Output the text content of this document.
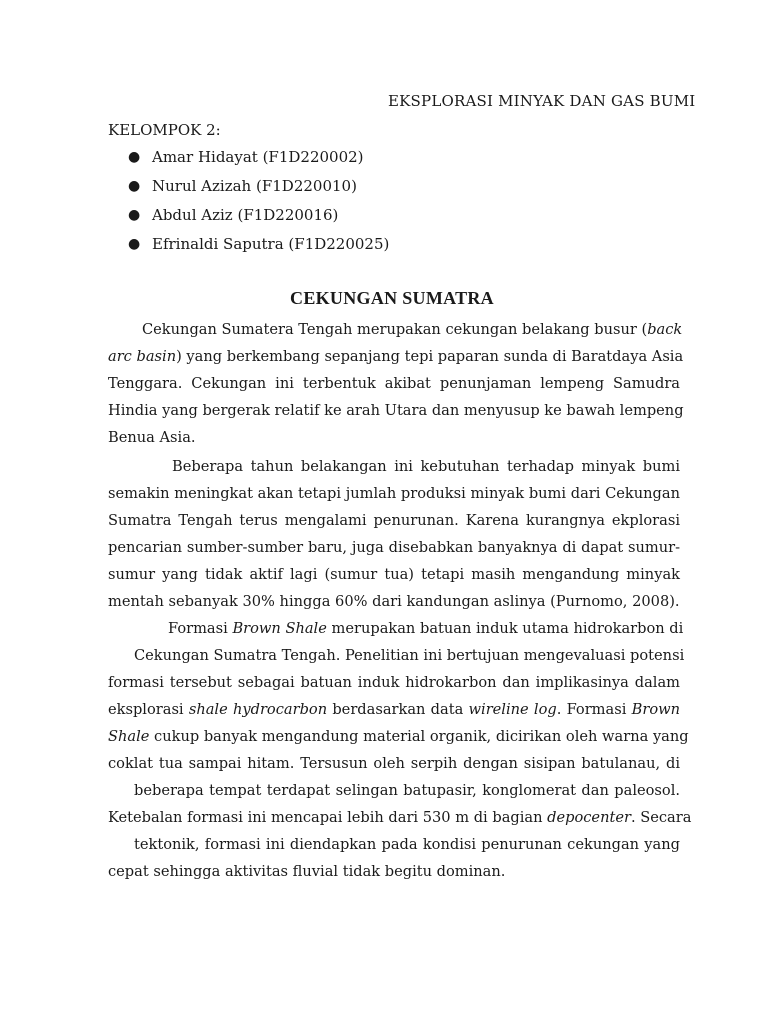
EKSPLORASI MINYAK DAN GAS BUMI
KELOMPOK 2:
● Amar Hidayat (F1D220002)
● Nurul Azizah (F1D220010)
● Abdul Aziz (F1D220016)
● Efrinaldi Saputra (F1D220025)
CEKUNGAN SUMATRA
Cekungan Sumatera Tengah merupakan cekungan belakang busur (back
arc basin) yang berkembang sepanjang tepi paparan sunda di Baratdaya Asia
Tenggara. Cekungan ini terbentuk akibat penunjaman lempeng Samudra
Hindia yang bergerak relatif ke arah Utara dan menyusup ke bawah lempeng
Benua Asia.
Beberapa tahun belakangan ini kebutuhan terhadap minyak bumi
semakin meningkat akan tetapi jumlah produksi minyak bumi dari Cekungan
Sumatra Tengah terus mengalami penurunan. Karena kurangnya ekplorasi
pencarian sumber-sumber baru, juga disebabkan banyaknya di dapat sumur-
sumur yang tidak aktif lagi (sumur tua) tetapi masih mengandung minyak
mentah sebanyak 30% hingga 60% dari kandungan aslinya (Purnomo, 2008).
Formasi Brown Shale merupakan batuan induk utama hidrokarbon di
Cekungan Sumatra Tengah. Penelitian ini bertujuan mengevaluasi potensi
formasi tersebut sebagai batuan induk hidrokarbon dan implikasinya dalam
eksplorasi shale hydrocarbon berdasarkan data wireline log. Formasi Brown
Shale cukup banyak mengandung material organik, dicirikan oleh warna yang
coklat tua sampai hitam. Tersusun oleh serpih dengan sisipan batulanau, di
beberapa tempat terdapat selingan batupasir, konglomerat dan paleosol.
Ketebalan formasi ini mencapai lebih dari 530 m di bagian depocenter. Secara
tektonik, formasi ini diendapkan pada kondisi penurunan cekungan yang
cepat sehingga aktivitas fluvial tidak begitu dominan.
